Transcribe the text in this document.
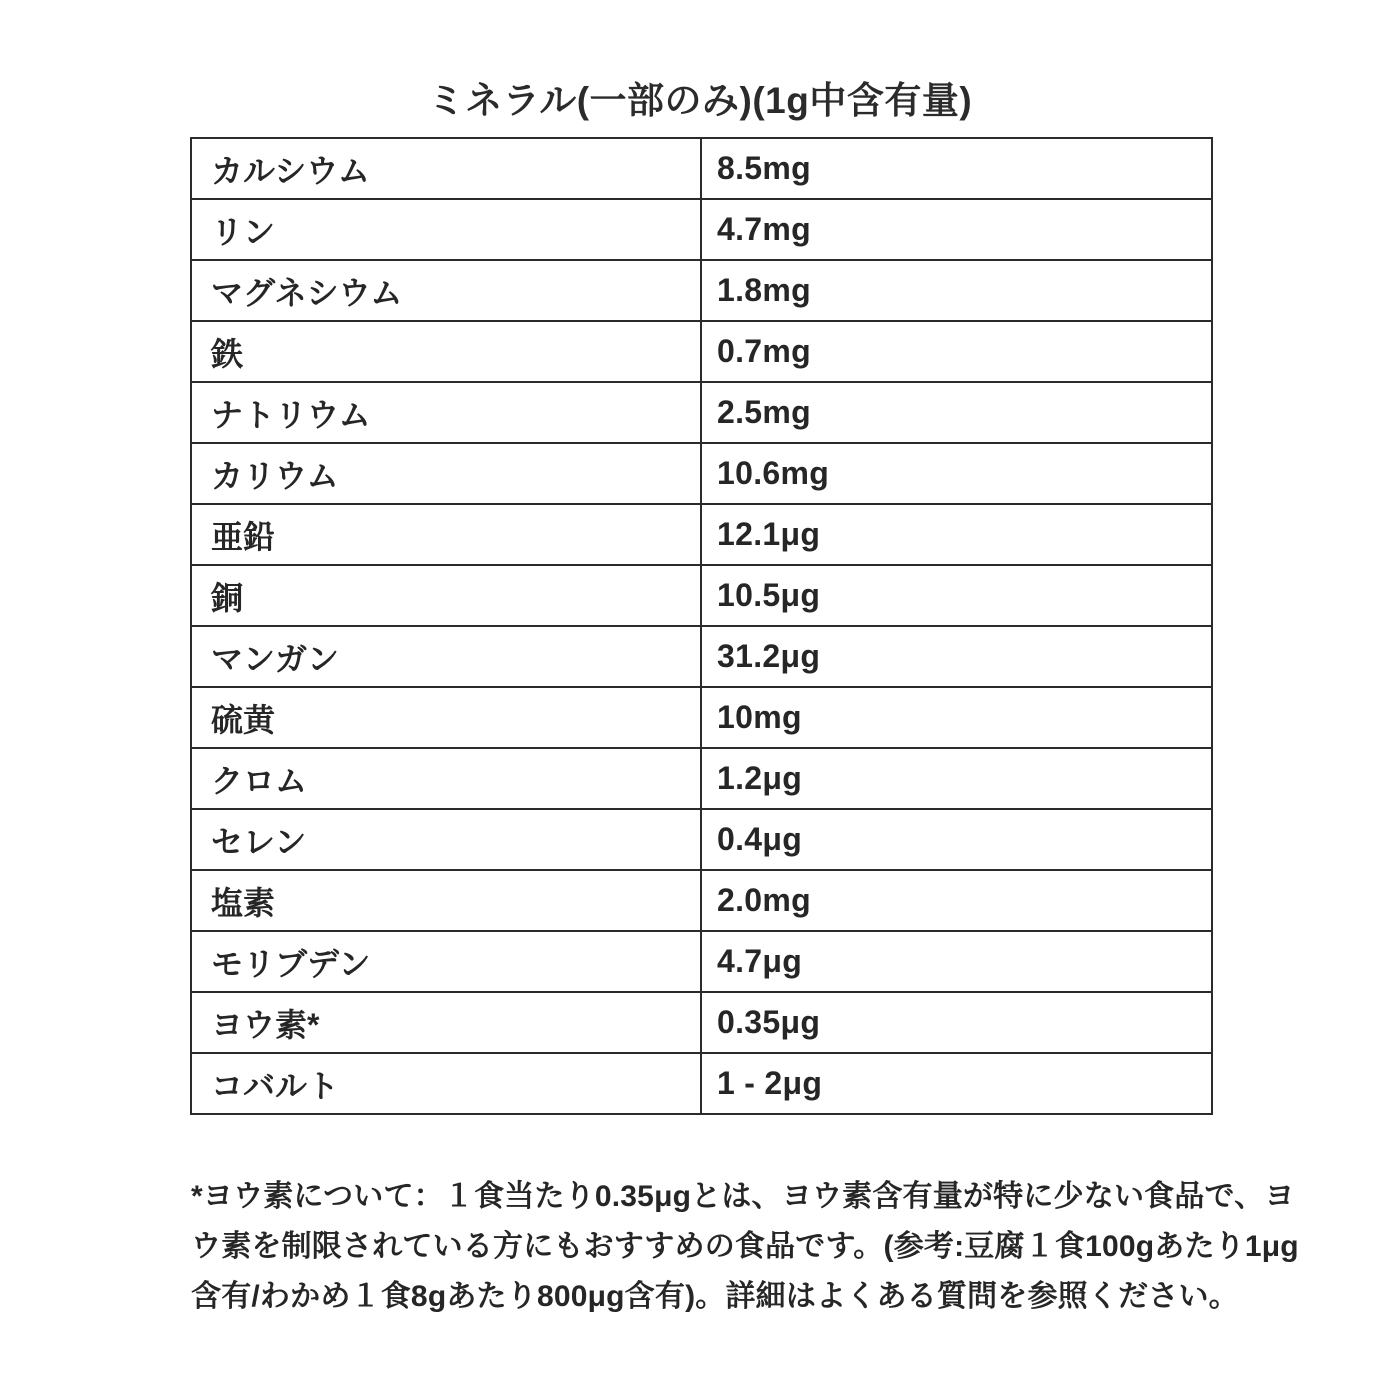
ミネラル(一部のみ)(1g中含有量)
カルシウム	8.5mg
リン	4.7mg
マグネシウム	1.8mg
鉄	0.7mg
ナトリウム	2.5mg
カリウム	10.6mg
亜鉛	12.1μg
銅	10.5μg
マンガン	31.2μg
硫黄	10mg
クロム	1.2μg
セレン	0.4μg
塩素	2.0mg
モリブデン	4.7μg
ヨウ素*	0.35μg
コバルト	1 - 2μg
*ヨウ素について：１食当たり0.35μgとは、ヨウ素含有量が特に少ない食品で、ヨ
ウ素を制限されている方にもおすすめの食品です。(参考:豆腐１食100gあたり1μg
含有/わかめ１食8gあたり800μg含有)。詳細はよくある質問を参照ください。
